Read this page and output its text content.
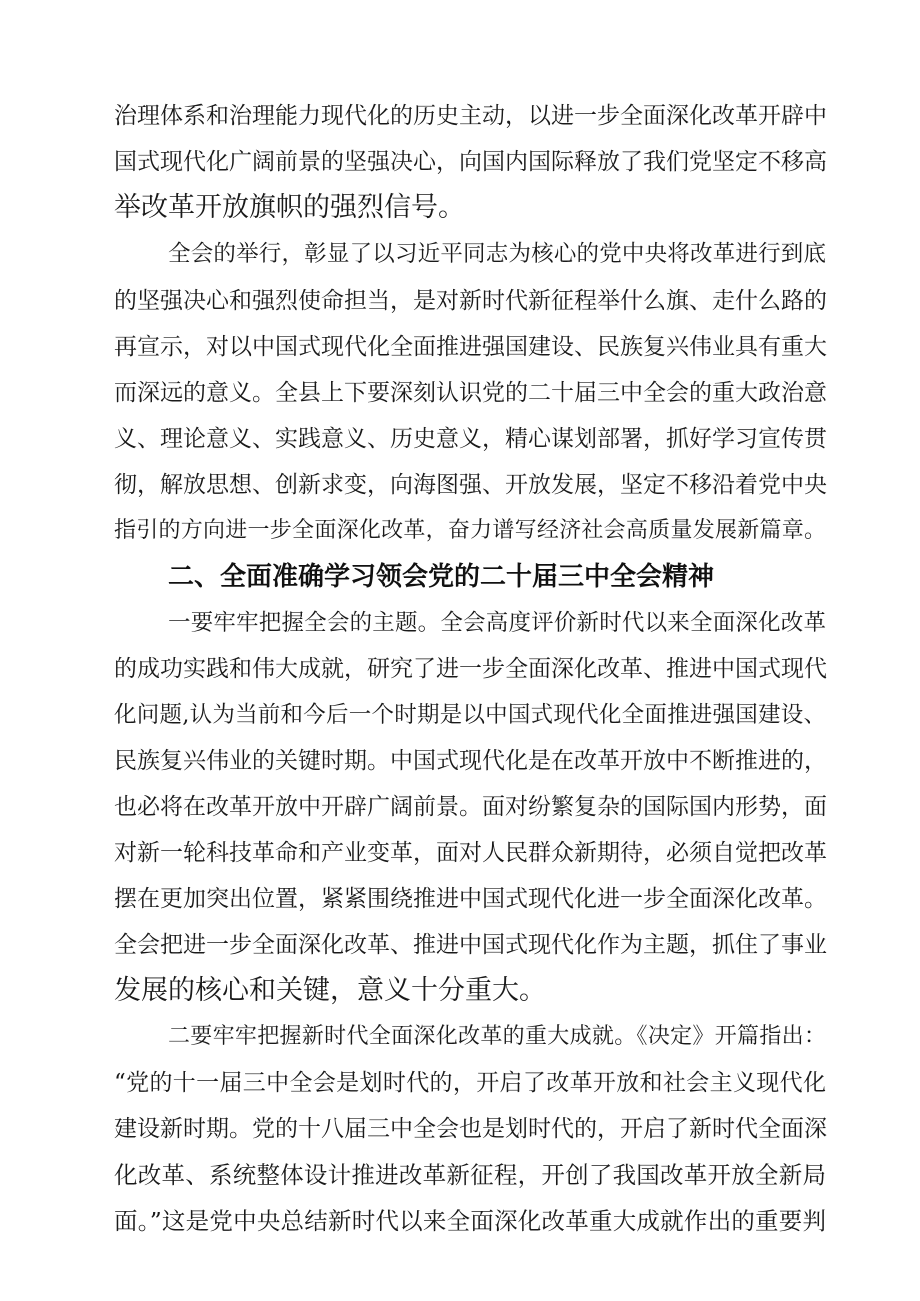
治理体系和治理能力现代化的历史主动，以进一步全面深化改革开辟中
国式现代化广阔前景的坚强决心，向国内国际释放了我们党坚定不移高
举改革开放旗帜的强烈信号。
全会的举行，彰显了以习近平同志为核心的党中央将改革进行到底
的坚强决心和强烈使命担当，是对新时代新征程举什么旗、走什么路的
再宣示，对以中国式现代化全面推进强国建设、民族复兴伟业具有重大
而深远的意义。全县上下要深刻认识党的二十届三中全会的重大政治意
义、理论意义、实践意义、历史意义，精心谋划部署，抓好学习宣传贯
彻，解放思想、创新求变，向海图强、开放发展，坚定不移沿着党中央
指引的方向进一步全面深化改革，奋力谱写经济社会高质量发展新篇章。
二、全面准确学习领会党的二十届三中全会精神
一要牢牢把握全会的主题。全会高度评价新时代以来全面深化改革
的成功实践和伟大成就，研究了进一步全面深化改革、推进中国式现代
化问题,认为当前和今后一个时期是以中国式现代化全面推进强国建设、
民族复兴伟业的关键时期。中国式现代化是在改革开放中不断推进的，
也必将在改革开放中开辟广阔前景。面对纷繁复杂的国际国内形势，面
对新一轮科技革命和产业变革，面对人民群众新期待，必须自觉把改革
摆在更加突出位置，紧紧围绕推进中国式现代化进一步全面深化改革。
全会把进一步全面深化改革、推进中国式现代化作为主题，抓住了事业
发展的核心和关键，意义十分重大。
二要牢牢把握新时代全面深化改革的重大成就。《决定》开篇指出：
“党的十一届三中全会是划时代的，开启了改革开放和社会主义现代化
建设新时期。党的十八届三中全会也是划时代的，开启了新时代全面深
化改革、系统整体设计推进改革新征程，开创了我国改革开放全新局
面。”这是党中央总结新时代以来全面深化改革重大成就作出的重要判
